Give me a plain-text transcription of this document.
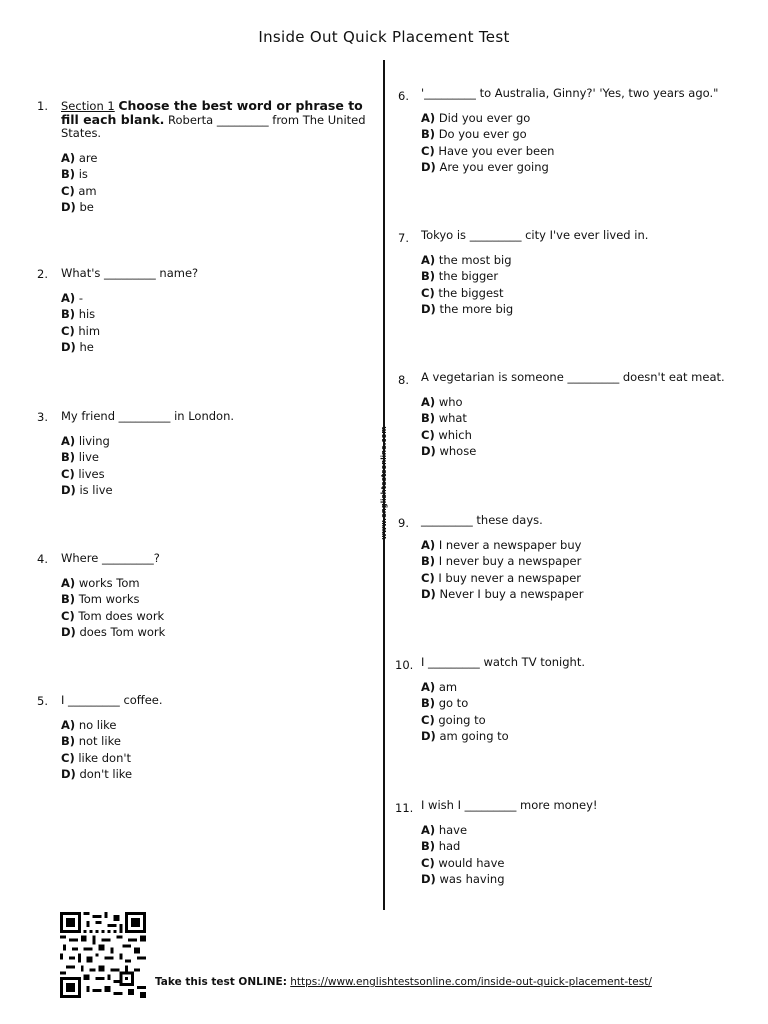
Inside Out Quick Placement Test
www.englishtestsonline.com
1. Section 1 Choose the best word or phrase to fill each blank. Roberta _________ from The United States.
A) are
B) is
C) am
D) be
2. What's _________ name?
A) -
B) his
C) him
D) he
3. My friend _________ in London.
A) living
B) live
C) lives
D) is live
4. Where _________?
A) works Tom
B) Tom works
C) Tom does work
D) does Tom work
5. I _________ coffee.
A) no like
B) not like
C) like don't
D) don't like
6. '_________ to Australia, Ginny?' 'Yes, two years ago."
A) Did you ever go
B) Do you ever go
C) Have you ever been
D) Are you ever going
7. Tokyo is _________ city I've ever lived in.
A) the most big
B) the bigger
C) the biggest
D) the more big
8. A vegetarian is someone _________ doesn't eat meat.
A) who
B) what
C) which
D) whose
9. _________ these days.
A) I never a newspaper buy
B) I never buy a newspaper
C) I buy never a newspaper
D) Never I buy a newspaper
10. I _________ watch TV tonight.
A) am
B) go to
C) going to
D) am going to
11. I wish I _________ more money!
A) have
B) had
C) would have
D) was having
Take this test ONLINE: https://www.englishtestsonline.com/inside-out-quick-placement-test/
